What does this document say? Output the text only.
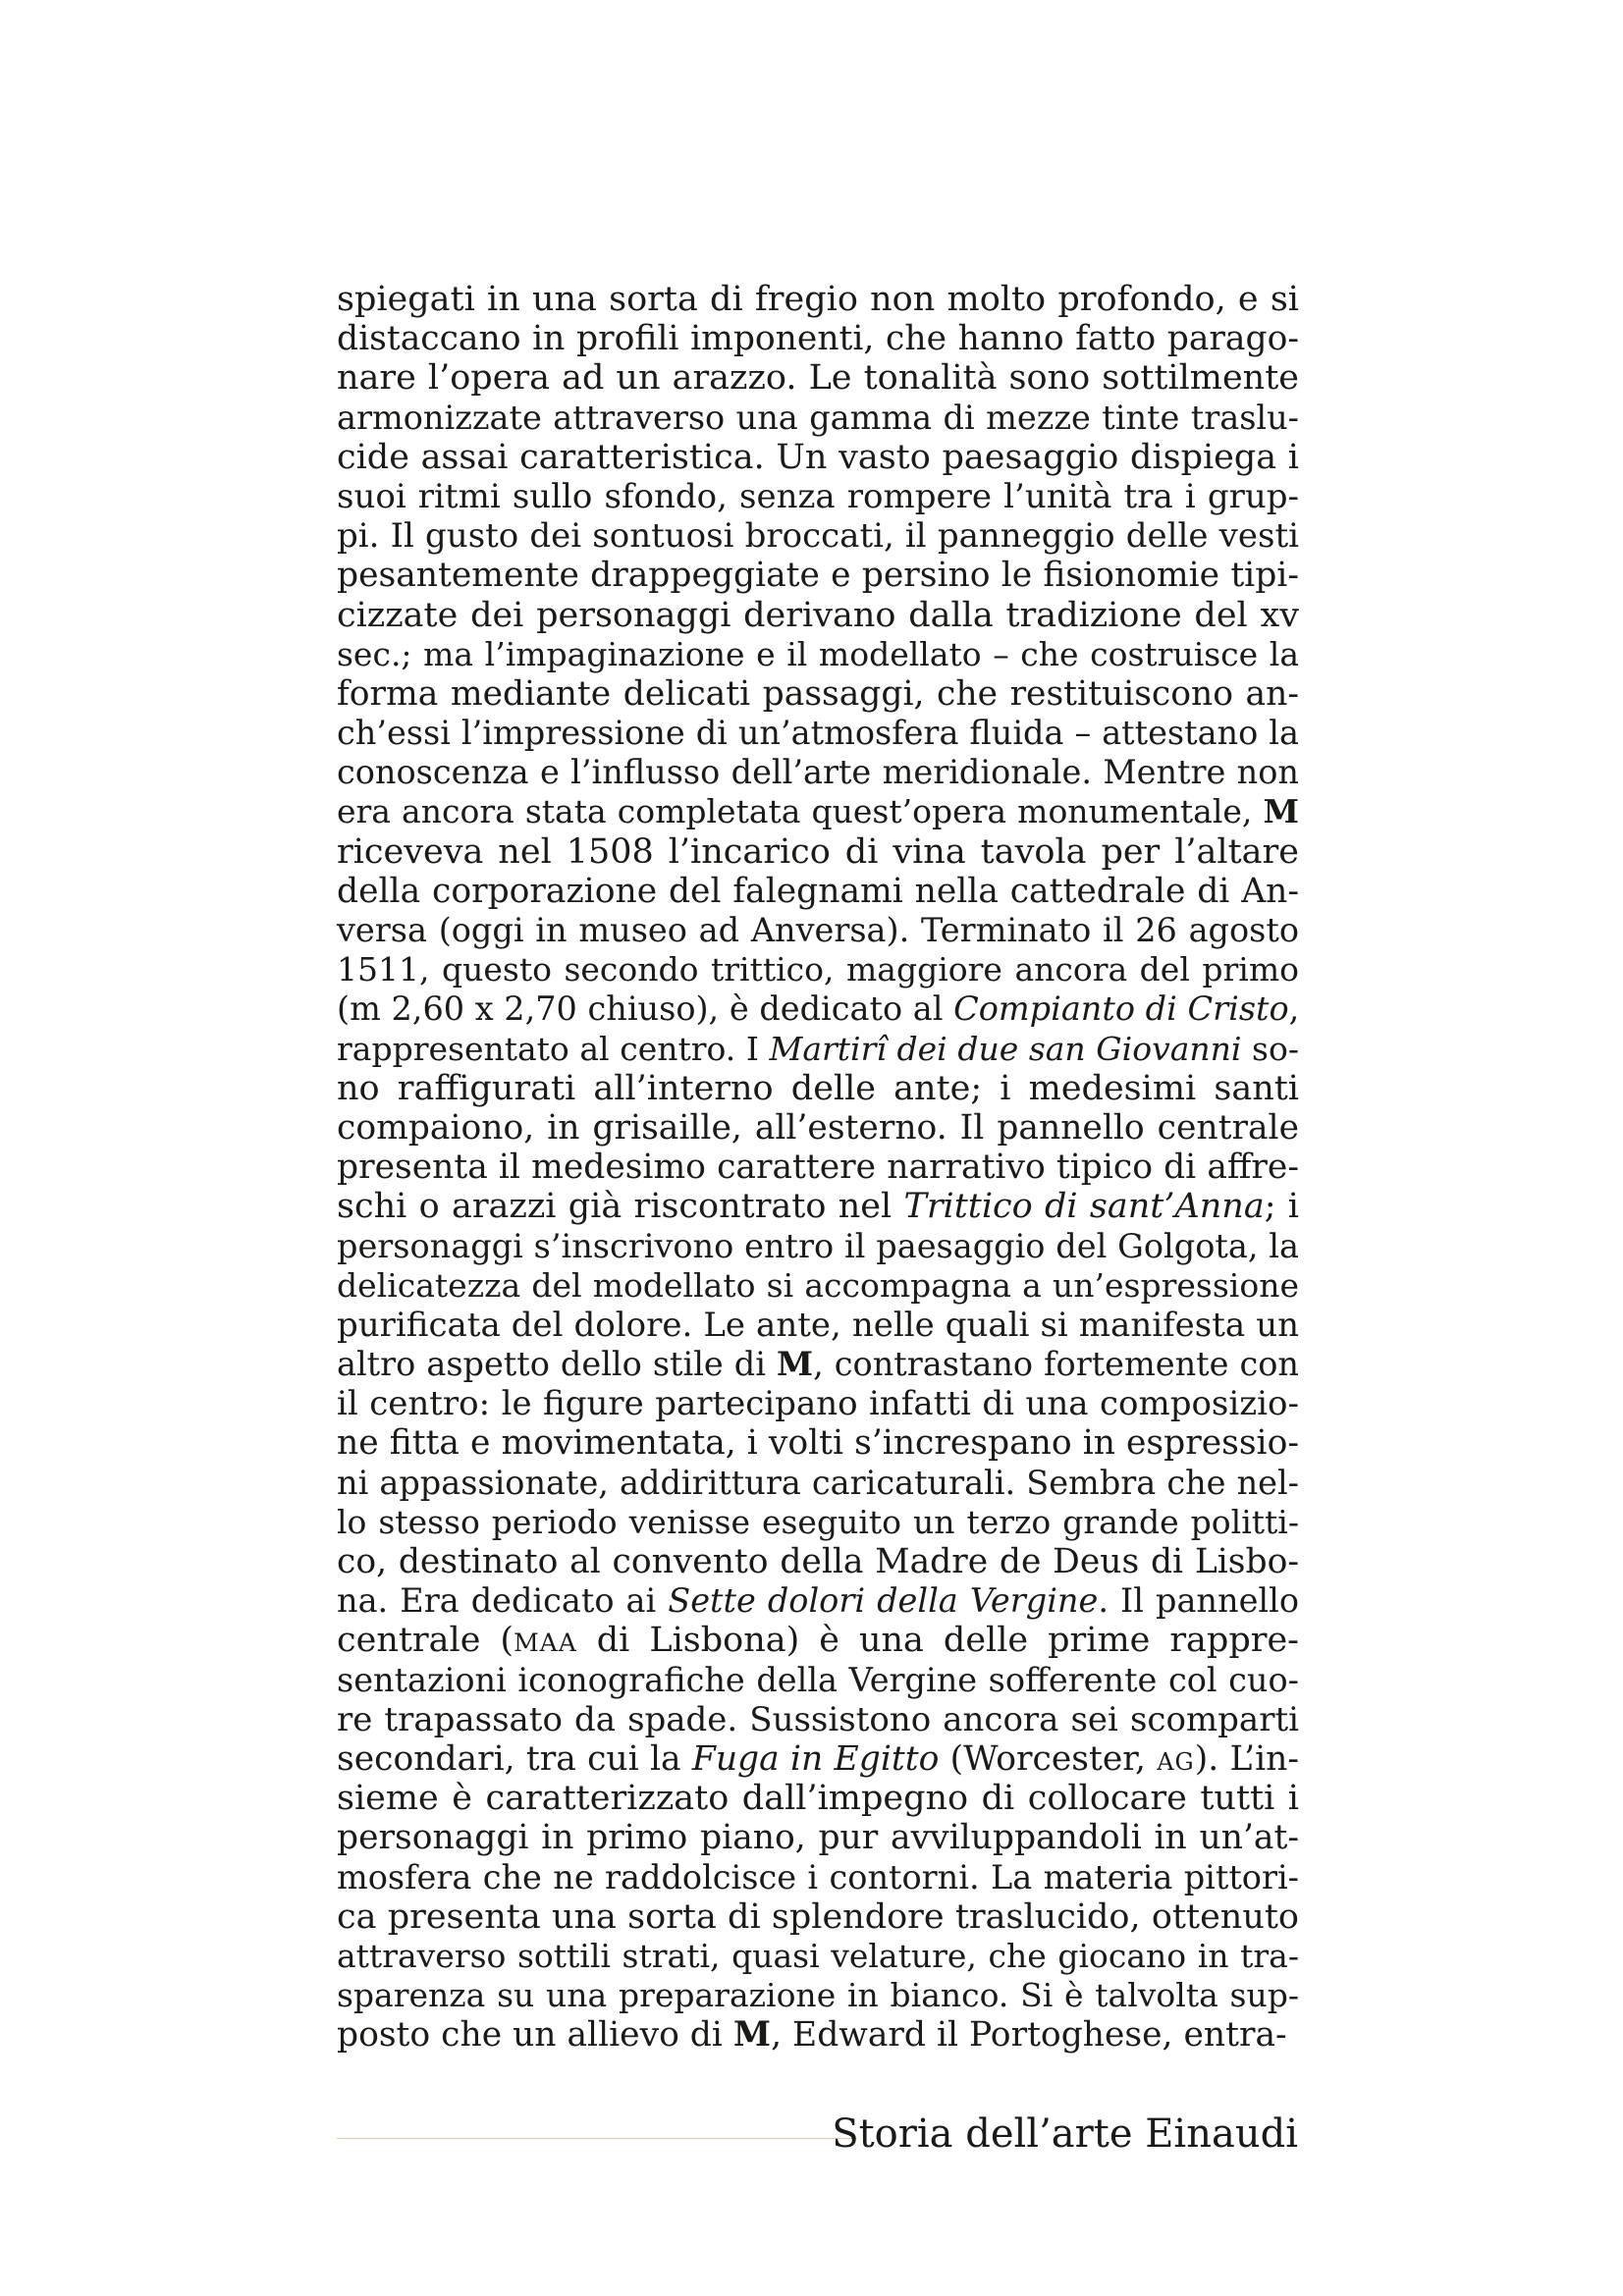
spiegati in una sorta di fregio non molto profondo, e si
distaccano in profili imponenti, che hanno fatto parago-
nare l’opera ad un arazzo. Le tonalità sono sottilmente
armonizzate attraverso una gamma di mezze tinte traslu-
cide assai caratteristica. Un vasto paesaggio dispiega i
suoi ritmi sullo sfondo, senza rompere l’unità tra i grup-
pi. Il gusto dei sontuosi broccati, il panneggio delle vesti
pesantemente drappeggiate e persino le fisionomie tipi-
cizzate dei personaggi derivano dalla tradizione del xv
sec.; ma l’impaginazione e il modellato – che costruisce la
forma mediante delicati passaggi, che restituiscono an-
ch’essi l’impressione di un’atmosfera fluida – attestano la
conoscenza e l’influsso dell’arte meridionale. Mentre non
era ancora stata completata quest’opera monumentale, M
riceveva nel 1508 l’incarico di vina tavola per l’altare
della corporazione del falegnami nella cattedrale di An-
versa (oggi in museo ad Anversa). Terminato il 26 agosto
1511, questo secondo trittico, maggiore ancora del primo
(m 2,60 x 2,70 chiuso), è dedicato al Compianto di Cristo,
rappresentato al centro. I Martirî dei due san Giovanni so-
no raffigurati all’interno delle ante; i medesimi santi
compaiono, in grisaille, all’esterno. Il pannello centrale
presenta il medesimo carattere narrativo tipico di affre-
schi o arazzi già riscontrato nel Trittico di sant’Anna; i
personaggi s’inscrivono entro il paesaggio del Golgota, la
delicatezza del modellato si accompagna a un’espressione
purificata del dolore. Le ante, nelle quali si manifesta un
altro aspetto dello stile di M, contrastano fortemente con
il centro: le figure partecipano infatti di una composizio-
ne fitta e movimentata, i volti s’increspano in espressio-
ni appassionate, addirittura caricaturali. Sembra che nel-
lo stesso periodo venisse eseguito un terzo grande politti-
co, destinato al convento della Madre de Deus di Lisbo-
na. Era dedicato ai Sette dolori della Vergine. Il pannello
centrale (maa di Lisbona) è una delle prime rappre-
sentazioni iconografiche della Vergine sofferente col cuo-
re trapassato da spade. Sussistono ancora sei scomparti
secondari, tra cui la Fuga in Egitto (Worcester, ag). L’in-
sieme è caratterizzato dall’impegno di collocare tutti i
personaggi in primo piano, pur avviluppandoli in un’at-
mosfera che ne raddolcisce i contorni. La materia pittori-
ca presenta una sorta di splendore traslucido, ottenuto
attraverso sottili strati, quasi velature, che giocano in tra-
sparenza su una preparazione in bianco. Si è talvolta sup-
posto che un allievo di M, Edward il Portoghese, entra-
Storia dell’arte Einaudi
